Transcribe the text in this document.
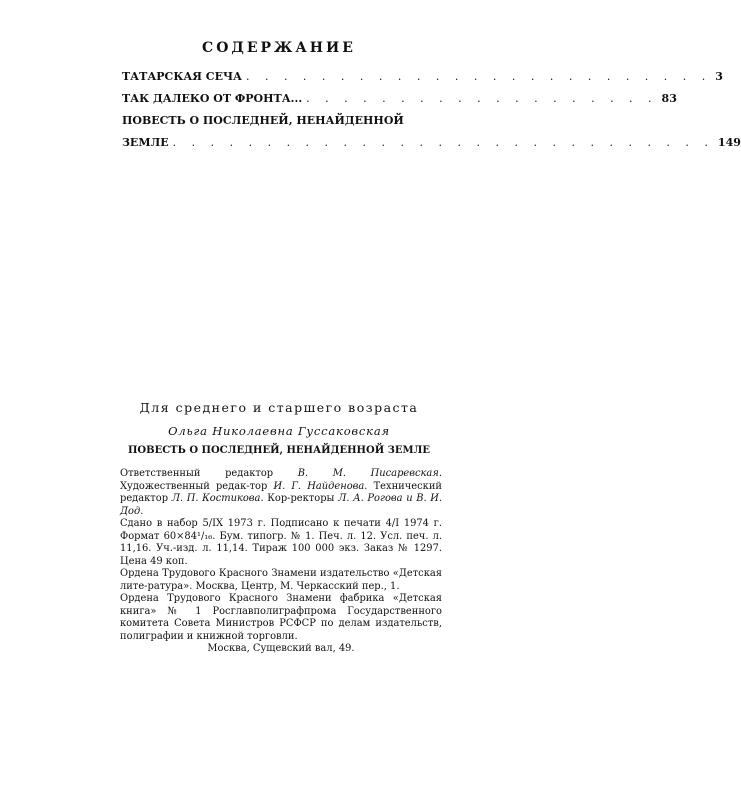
СОДЕРЖАНИЕ
ТАТАРСКАЯ СЕЧА . . . . . . . . . . . . . . . . . . . . . . . . . 3
ТАК ДАЛЕКО ОТ ФРОНТА... . . . . . . . . . . . . . . . . . . . 83
ПОВЕСТЬ О ПОСЛЕДНЕЙ, НЕНАЙДЕННОЙ
ЗЕМЛЕ . . . . . . . . . . . . . . . . . . . . . . . . . . . . . 149
Для среднего и старшего возраста
Ольга Николаевна Гуссаковская
ПОВЕСТЬ О ПОСЛЕДНЕЙ, НЕНАЙДЕННОЙ ЗЕМЛЕ
Ответственный редактор В. М. Писаревская. Художественный редак-тор И. Г. Найденова. Технический редактор Л. П. Костикова. Кор-ректоры Л. А. Рогова и В. И. Дод.
Сдано в набор 5/IX 1973 г. Подписано к печати 4/I 1974 г. Формат 60×84¹/₁₆. Бум. типогр. № 1. Печ. л. 12. Усл. печ. л. 11,16. Уч.-изд. л. 11,14. Тираж 100 000 экз. Заказ № 1297. Цена 49 коп.
Ордена Трудового Красного Знамени издательство «Детская лите-ратура». Москва, Центр, М. Черкасский пер., 1.
Ордена Трудового Красного Знамени фабрика «Детская книга» № 1 Росглавполиграфпрома Государственного комитета Совета Министров РСФСР по делам издательств, полиграфии и книжной торговли.
Москва, Сущевский вал, 49.
